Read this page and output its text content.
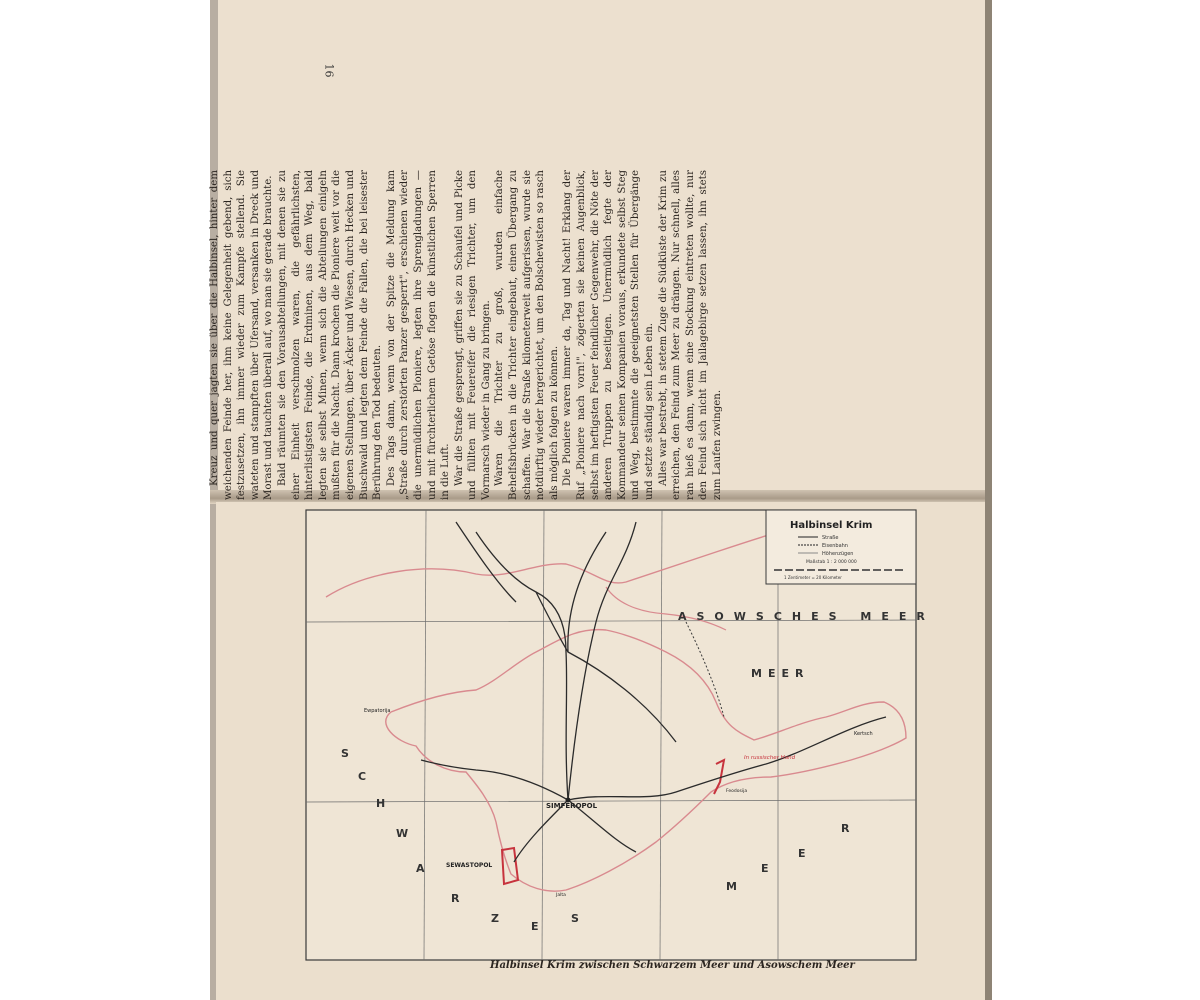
Kreuz und quer jagten sie über die Halbinsel, hinter dem weichenden Feinde her, ihm keine Gelegenheit gebend, sich festzusetzen, ihn immer wieder zum Kampfe stellend. Sie wateten und stampften über Ufersand, versanken in Dreck und Morast und tauchten überall auf, wo man sie gerade brauchte. Bald räumten sie den Vorausabteilungen, mit denen sie zu einer Einheit verschmolzen waren, die gefährlichsten, hinterlistigsten Feinde, die Erdminen, aus dem Weg, bald legten sie selbst Minen, wenn sich die Abteilungen einigeln mußten für die Nacht. Dann krochen die Pioniere weit vor die eigenen Stellungen, über Äcker und Wiesen, durch Hecken und Buschwald und legten dem Feinde die Fallen, die bei leisester Berührung den Tod bedeuten. Des Tags dann, wenn von der Spitze die Meldung kam „Straße durch zerstörten Panzer gesperrt", erschienen wieder die unermüdlichen Pioniere, legten ihre Sprengladungen — und mit fürchterlichem Getöse flogen die künstlichen Sperren in die Luft. War die Straße gesprengt, griffen sie zu Schaufel und Picke und füllten mit Feuereifer die riesigen Trichter, um den Vormarsch wieder in Gang zu bringen. Waren die Trichter zu groß, wurden einfache Behelfsbrücken in die Trichter eingebaut, einen Übergang zu schaffen. War die Straße kilometerweit aufgerissen, wurde sie notdürftig wieder hergerichtet, um den Bolschewisten so rasch als möglich folgen zu können. Die Pioniere waren immer da, Tag und Nacht! Erklang der Ruf „Pioniere nach vorn!", zögerten sie keinen Augenblick, selbst im heftigsten Feuer feindlicher Gegenwehr, die Nöte der anderen Truppen zu beseitigen. Unermüdlich fegte der Kommandeur seinen Kompanien voraus, erkundete selbst Steg und Weg, bestimmte die geeignetsten Stellen für Übergänge und setzte ständig sein Leben ein. Alles war bestrebt, in stetem Zuge die Südküste der Krim zu erreichen, den Feind zum Meer zu drängen. Nur schnell, alles ran hieß es dann, wenn eine Stockung eintreten wollte, nur den Feind sich nicht im Jailagebirge setzen lassen, ihn stets zum Laufen zwingen.

16
Halbinsel Krim
Straße
Eisenbahn
Höhenzügen
Maßstab 1 : 2 000 000
1 Zentimeter = 20 Kilometer
ASOWSCHES MEER
MEER
S
C
H
W
A
R
Z
E
S
M
E
E
R
SIMFEROPOL
SEWASTOPOL
Kertsch
Feodosija
Jalta
Ewpatorija
In russischer Hand
Halbinsel Krim zwischen Schwarzem Meer und Asowschem Meer
